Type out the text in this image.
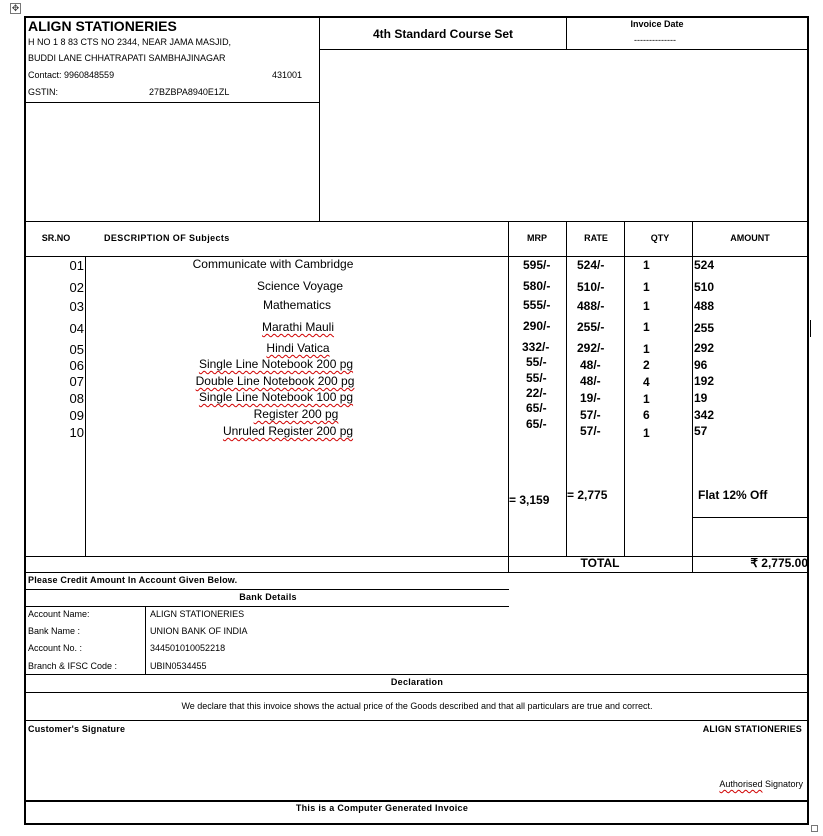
✥
ALIGN STATIONERIES
H NO 1 8 83 CTS NO 2344, NEAR JAMA MASJID,
BUDDI LANE CHHATRAPATI SAMBHAJINAGAR
Contact: 9960848559	431001
GSTIN:	27BZBPA8940E1ZL
4th Standard Course Set
Invoice Date
--------------
SR.NO	DESCRIPTION OF Subjects	MRP	RATE	QTY	AMOUNT
01	Communicate with Cambridge	595/- 524/-	1	524
02	Science Voyage	580/- 510/-	1	510
03	Mathematics	555/- 488/-	1	488
04	Marathi Mauli	290/- 255/-	1	255
05	Hindi Vatica	332/- 292/-	1	292
06	Single Line Notebook 200 pg	55/-	48/-	2	96
07	Double Line Notebook 200 pg	55/-	48/-	4	192
08	Single Line Notebook 100 pg	22/-	19/-	1	19
09	Register 200 pg	65/-	57/-	6	342
10	Unruled Register 200 pg	65/-	57/-	1	57
= 3,159 = 2,775	Flat 12% Off
TOTAL	₹ 2,775.00
Please Credit Amount In Account Given Below.
Bank Details
Account Name:	ALIGN STATIONERIES
Bank Name :	UNION BANK OF INDIA
Account No. :	344501010052218
Branch & IFSC Code :	UBIN0534455
Declaration
We declare that this invoice shows the actual price of the Goods described and that all particulars are true and correct.
Customer's Signature	ALIGN STATIONERIES
Authorised Signatory
This is a Computer Generated Invoice
